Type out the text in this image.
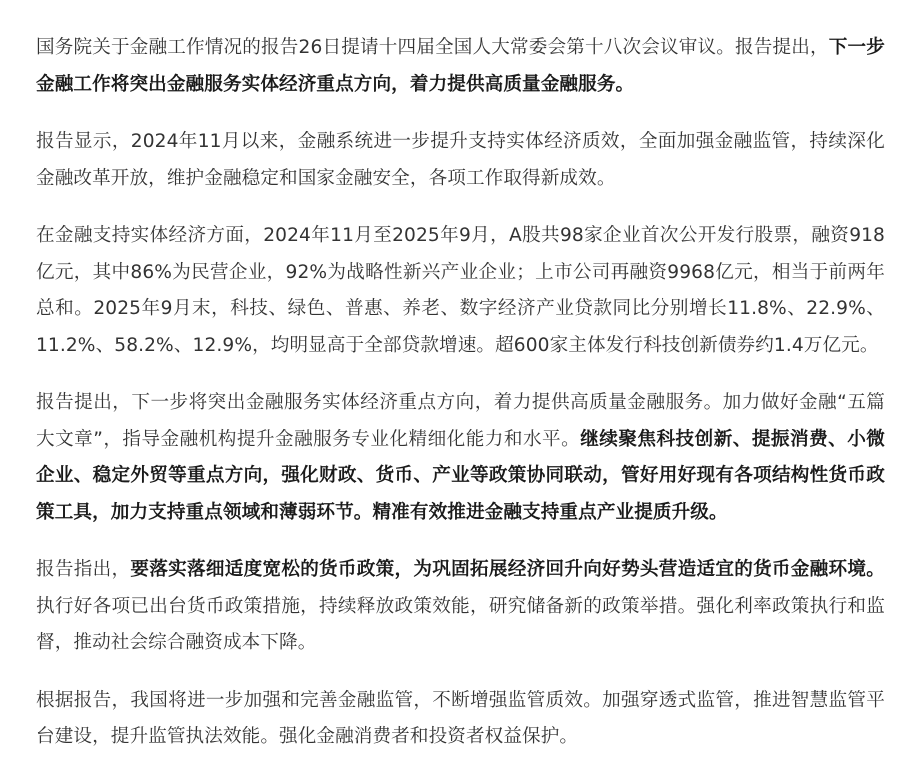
国务院关于金融工作情况的报告26日提请十四届全国人大常委会第十八次会议审议。报告提出，下一步金融工作将突出金融服务实体经济重点方向，着力提供高质量金融服务。

报告显示，2024年11月以来，金融系统进一步提升支持实体经济质效，全面加强金融监管，持续深化金融改革开放，维护金融稳定和国家金融安全，各项工作取得新成效。

在金融支持实体经济方面，2024年11月至2025年9月，A股共98家企业首次公开发行股票，融资918亿元，其中86%为民营企业，92%为战略性新兴产业企业；上市公司再融资9968亿元，相当于前两年总和。2025年9月末，科技、绿色、普惠、养老、数字经济产业贷款同比分别增长11.8%、22.9%、11.2%、58.2%、12.9%，均明显高于全部贷款增速。超600家主体发行科技创新债券约1.4万亿元。

报告提出，下一步将突出金融服务实体经济重点方向，着力提供高质量金融服务。加力做好金融“五篇大文章”，指导金融机构提升金融服务专业化精细化能力和水平。继续聚焦科技创新、提振消费、小微企业、稳定外贸等重点方向，强化财政、货币、产业等政策协同联动，管好用好现有各项结构性货币政策工具，加力支持重点领域和薄弱环节。精准有效推进金融支持重点产业提质升级。

报告指出，要落实落细适度宽松的货币政策，为巩固拓展经济回升向好势头营造适宜的货币金融环境。执行好各项已出台货币政策措施，持续释放政策效能，研究储备新的政策举措。强化利率政策执行和监督，推动社会综合融资成本下降。

根据报告，我国将进一步加强和完善金融监管，不断增强监管质效。加强穿透式监管，推进智慧监管平台建设，提升监管执法效能。强化金融消费者和投资者权益保护。
